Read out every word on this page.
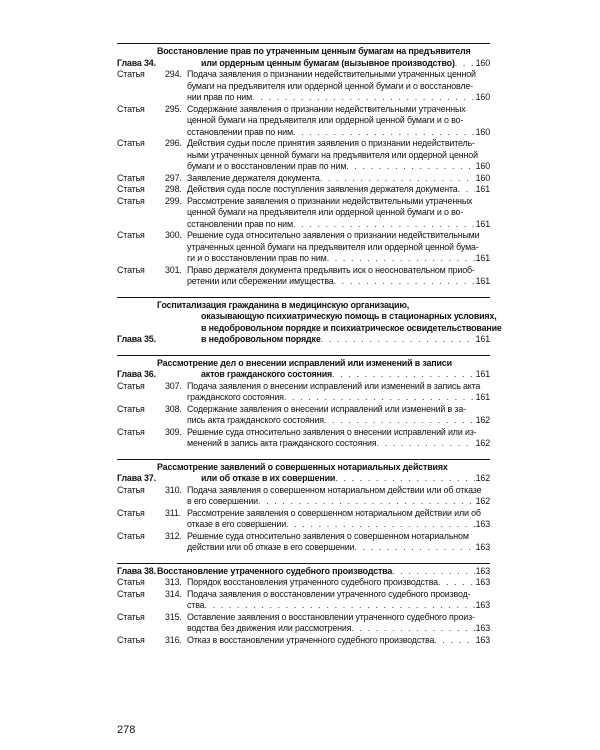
Глава 34.
Восстановление прав по утраченным ценным бумагам на предъявителя
или ордерным ценным бумагам (вызывное производство) . . . 160
Статья	294. Подача заявления о признании недействительными утраченных ценной
бумаги на предъявителя или ордерной ценной бумаги и о восстановле-
нии прав по ним . . .	160
Статья	295. Содержание заявления о признании недействительными утраченных
ценной бумаги на предъявителя или ордерной ценной бумаги и о во-
сстановлении прав по ним . . .	160
Статья	296. Действия судьи после принятия заявления о признании недействитель-
ными утраченных ценной бумаги на предъявителя или ордерной ценной
бумаги и о восстановлении прав по ним . . .	160
Статья	297. Заявление держателя документа . . .	160
Статья	298. Действия суда после поступления заявления держателя документа . . . 161
Статья	299. Рассмотрение заявления о признании недействительными утраченных
ценной бумаги на предъявителя или ордерной ценной бумаги и о во-
сстановлении прав по ним . . .	161
Статья	300. Решение суда относительно заявления о признании недействительными
утраченных ценной бумаги на предъявителя или ордерной ценной бума-
ги и о восстановлении прав по ним . . .	161
Статья	301. Право держателя документа предъявить иск о неосновательном приоб-
ретении или сбережении имущества . . .	161
Глава 35.
Госпитализация гражданина в медицинскую организацию,
оказывающую психиатрическую помощь в стационарных условиях,
в недобровольном порядке и психиатрическое освидетельствование
в недобровольном порядке . . .	161
Глава 36.
Рассмотрение дел о внесении исправлений или изменений в записи
актов гражданского состояния . . .	161
Статья	307. Подача заявления о внесении исправлений или изменений в запись акта
гражданского состояния . . .	161
Статья	308. Содержание заявления о внесении исправлений или изменений в за-
пись акта гражданского состояния . . .	162
Статья	309. Решение суда относительно заявления о внесении исправлений или из-
менений в запись акта гражданского состояния . . .	162
Глава 37.
Рассмотрение заявлений о совершенных нотариальных действиях
или об отказе в их совершении . . .	162
Статья	310. Подача заявления о совершенном нотариальном действии или об отказе
в его совершении . . .	162
Статья	311. Рассмотрение заявления о совершенном нотариальном действии или об
отказе в его совершении . . .	163
Статья	312. Решение суда относительно заявления о совершенном нотариальном
действии или об отказе в его совершении . . .	163
Глава 38. Восстановление утраченного судебного производства . . .	163
Статья	313. Порядок восстановления утраченного судебного производства . . .	163
Статья	314. Подача заявления о восстановлении утраченного судебного производ-
ства . . .	163
Статья	315. Оставление заявления о восстановлении утраченного судебного произ-
водства без движения или рассмотрения . . .	163
Статья	316. Отказ в восстановлении утраченного судебного производства . . .	163
278
